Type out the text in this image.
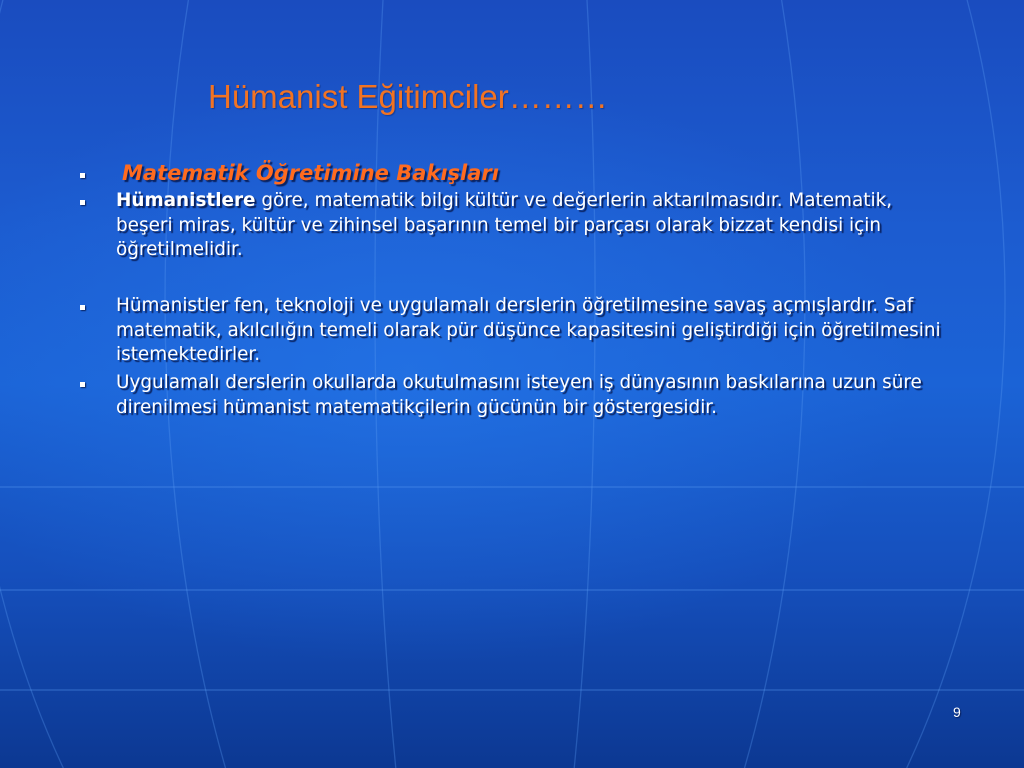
Hümanist Eğitimciler………
Matematik Öğretimine Bakışları
Hümanistlere göre, matematik bilgi kültür ve değerlerin aktarılmasıdır. Matematik,
beşeri miras, kültür ve zihinsel başarının temel bir parçası olarak bizzat kendisi için
öğretilmelidir.
Hümanistler fen, teknoloji ve uygulamalı derslerin öğretilmesine savaş açmışlardır. Saf
matematik, akılcılığın temeli olarak pür düşünce kapasitesini geliştirdiği için öğretilmesini
istemektedirler.
Uygulamalı derslerin okullarda okutulmasını isteyen iş dünyasının baskılarına uzun süre
direnilmesi hümanist matematikçilerin gücünün bir göstergesidir.
9
